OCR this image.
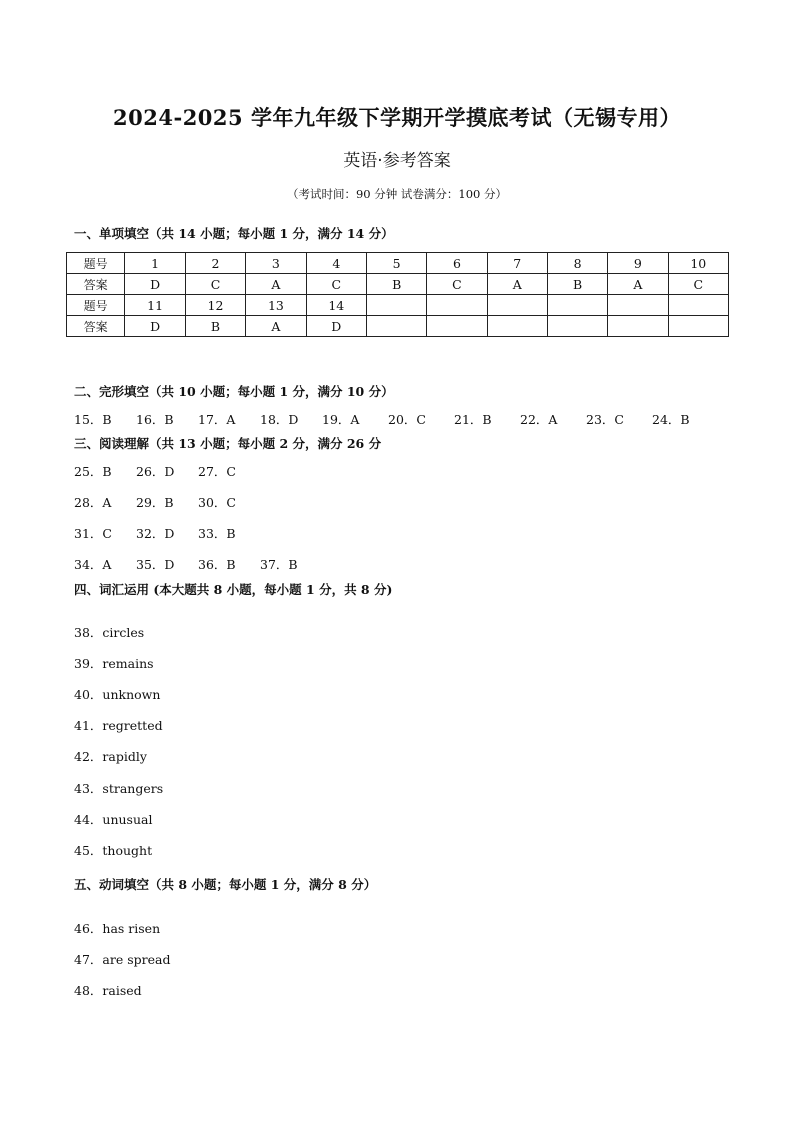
2024-2025 学年九年级下学期开学摸底考试（无锡专用）
英语·参考答案
（考试时间：90 分钟 试卷满分：100 分）
一、单项填空（共 14 小题；每小题 1 分，满分 14 分）
题号	1	2	3	4	5	6	7	8	9	10
答案	D	C	A	C	B	C	A	B	A	C
题号	11	12	13	14						
答案	D	B	A	D						
二、完形填空（共 10 小题；每小题 1 分，满分 10 分）
15．B 16．B 17．A 18．D 19．A 20．C 21．B 22．A 23．C 24．B
三、阅读理解（共 13 小题；每小题 2 分，满分 26 分
25．B 26．D 27．C
28．A 29．B 30．C
31．C 32．D 33．B
34．A 35．D 36．B 37．B
四、词汇运用 (本大题共 8 小题，每小题 1 分，共 8 分)
38．circles
39．remains
40．unknown
41．regretted
42．rapidly
43．strangers
44．unusual
45．thought
五、动词填空（共 8 小题；每小题 1 分，满分 8 分）
46．has risen
47．are spread
48．raised
